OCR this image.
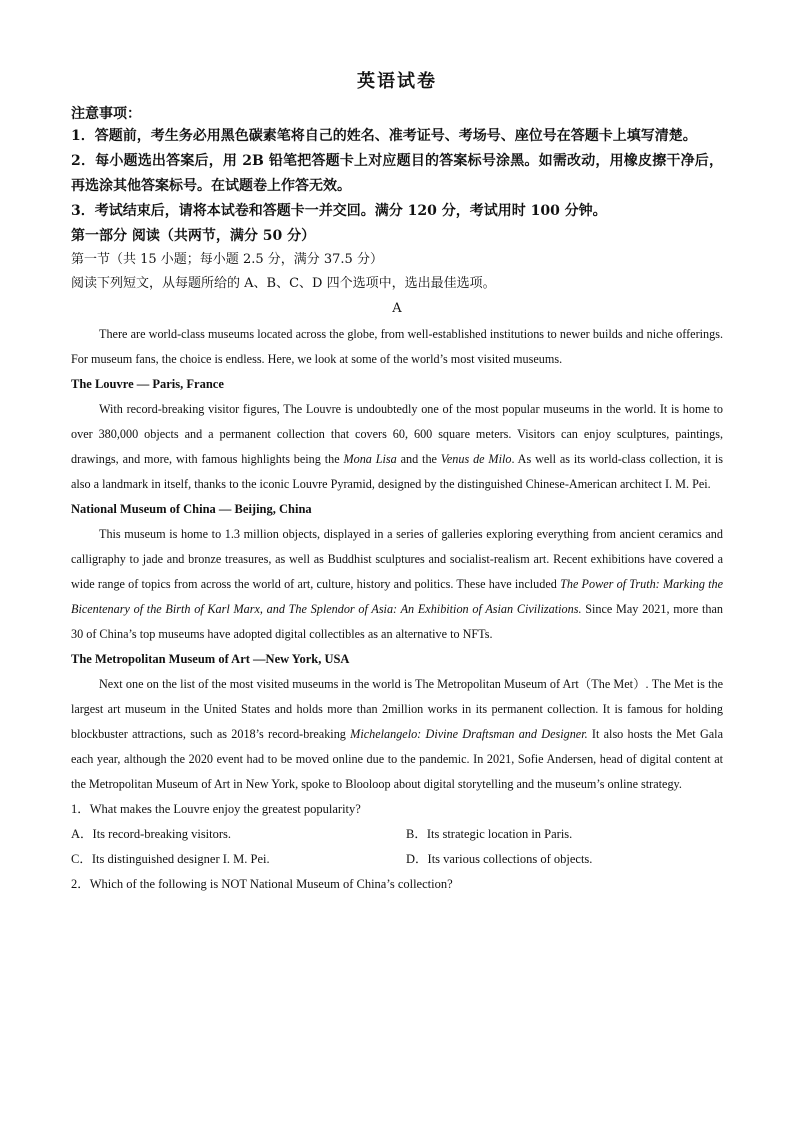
英语试卷
注意事项：
1．答题前，考生务必用黑色碳素笔将自己的姓名、准考证号、考场号、座位号在答题卡上填写清楚。
2．每小题选出答案后，用 2B 铅笔把答题卡上对应题目的答案标号涂黑。如需改动，用橡皮擦干净后，再选涂其他答案标号。在试题卷上作答无效。
3．考试结束后，请将本试卷和答题卡一并交回。满分 120 分，考试用时 100 分钟。
第一部分 阅读（共两节，满分 50 分）
第一节（共 15 小题；每小题 2.5 分，满分 37.5 分）
阅读下列短文，从每题所给的 A、B、C、D 四个选项中，选出最佳选项。
A

There are world-class museums located across the globe, from well-established institutions to newer builds and niche offerings. For museum fans, the choice is endless. Here, we look at some of the world’s most visited museums.

The Louvre — Paris, France

With record-breaking visitor figures, The Louvre is undoubtedly one of the most popular museums in the world. It is home to over 380,000 objects and a permanent collection that covers 60, 600 square meters. Visitors can enjoy sculptures, paintings, drawings, and more, with famous highlights being the Mona Lisa and the Venus de Milo. As well as its world-class collection, it is also a landmark in itself, thanks to the iconic Louvre Pyramid, designed by the distinguished Chinese-American architect I. M. Pei.

National Museum of China — Beijing, China

This museum is home to 1.3 million objects, displayed in a series of galleries exploring everything from ancient ceramics and calligraphy to jade and bronze treasures, as well as Buddhist sculptures and socialist-realism art. Recent exhibitions have covered a wide range of topics from across the world of art, culture, history and politics. These have included The Power of Truth: Marking the Bicentenary of the Birth of Karl Marx, and The Splendor of Asia: An Exhibition of Asian Civilizations. Since May 2021, more than 30 of China’s top museums have adopted digital collectibles as an alternative to NFTs.

The Metropolitan Museum of Art —New York, USA

Next one on the list of the most visited museums in the world is The Metropolitan Museum of Art（The Met）. The Met is the largest art museum in the United States and holds more than 2million works in its permanent collection. It is famous for holding blockbuster attractions, such as 2018’s record-breaking Michelangelo: Divine Draftsman and Designer. It also hosts the Met Gala each year, although the 2020 event had to be moved online due to the pandemic. In 2021, Sofie Andersen, head of digital content at the Metropolitan Museum of Art in New York, spoke to Blooloop about digital storytelling and the museum’s online strategy.

1．What makes the Louvre enjoy the greatest popularity?
A．Its record-breaking visitors.	B．Its strategic location in Paris.
C．Its distinguished designer I. M. Pei.	D．Its various collections of objects.
2．Which of the following is NOT National Museum of China’s collection?
